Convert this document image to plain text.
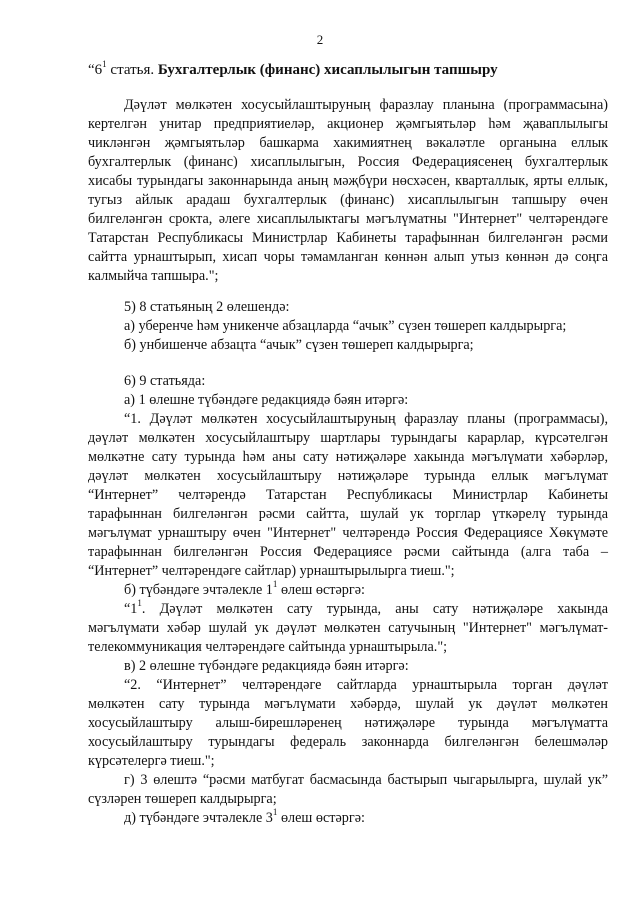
2
“$6^1$ статья. Бухгалтерлык (финанс) хисаплылыгын тапшыру

Дәүләт мөлкәтен хосусыйлаштыруның фаразлау планына (программасына)

кертелгән унитар предприятиеләр, акционер җәмгыятьләр һәм җаваплылыгы

чикләнгән җәмгыятьләр башкарма хакимиятнең вәкаләтле органына еллык

бухгалтерлык (финанс) хисаплылыгын, Россия Федерациясенең бухгалтерлык

хисабы турындагы законнарында аның мәҗбүри нөсхәсен, кварталлык, ярты еллык,

тугыз айлык арадаш бухгалтерлык (финанс) хисаплылыгын тапшыру өчен

билгеләнгән срокта, әлеге хисаплылыктагы мәгълүматны "Интернет" челтәрендәге

Татарстан Республикасы Министрлар Кабинеты тарафыннан билгеләнгән рәсми

сайтта урнаштырып, хисап чоры тәмамланган көннән алып утыз көннән дә соңга

калмыйча тапшыра.";

5) 8 статьяның 2 өлешендә:

а) уберенче һәм уникенче абзацларда “ачык” сүзен төшереп калдырырга;

б) унбишенче абзацта “ачык” сүзен төшереп калдырырга;

6) 9 статьяда:

а) 1 өлешне түбәндәге редакциядә бәян итәргә:

“1. Дәүләт мөлкәтен хосусыйлаштыруның фаразлау планы (программасы),

дәүләт мөлкәтен хосусыйлаштыру шартлары турындагы карарлар, күрсәтелгән

мөлкәтне сату турында һәм аны сату нәтиҗәләре хакында мәгълүмати хәбәрләр,

дәүләт мөлкәтен хосусыйлаштыру нәтиҗәләре турында еллык мәгълүмат

“Интернет” челтәрендә Татарстан Республикасы Министрлар Кабинеты

тарафыннан билгеләнгән рәсми сайтта, шулай ук торглар үткәрелү турында

мәгълүмат урнаштыру өчен "Интернет" челтәрендә Россия Федерациясе Хөкүмәте

тарафыннан билгеләнгән Россия Федерациясе рәсми сайтында (алга таба –

“Интернет” челтәрендәге сайтлар) урнаштырылырга тиеш.";

б) түбәндәге эчтәлекле $1^1$ өлеш өстәргә:

“$1^1$. Дәүләт мөлкәтен сату турында, аны сату нәтиҗәләре хакында

мәгълүмати хәбәр шулай ук дәүләт мөлкәтен сатучының "Интернет" мәгълүмат-

телекоммуникация челтәрендәге сайтында урнаштырыла.";

в) 2 өлешне түбәндәге редакциядә бәян итәргә:

“2. “Интернет” челтәрендәге сайтларда урнаштырыла торган дәүләт

мөлкәтен сату турында мәгълүмати хәбәрдә, шулай ук дәүләт мөлкәтен

хосусыйлаштыру алыш-бирешләренең нәтиҗәләре турында мәгълүматта

хосусыйлаштыру турындагы федераль законнарда билгеләнгән белешмәләр

күрсәтелергә тиеш.";

г) 3 өлештә “рәсми матбугат басмасында бастырып чыгарылырга, шулай ук”

сүзләрен төшереп калдырырга;

д) түбәндәге эчтәлекле $3^1$ өлеш өстәргә:
